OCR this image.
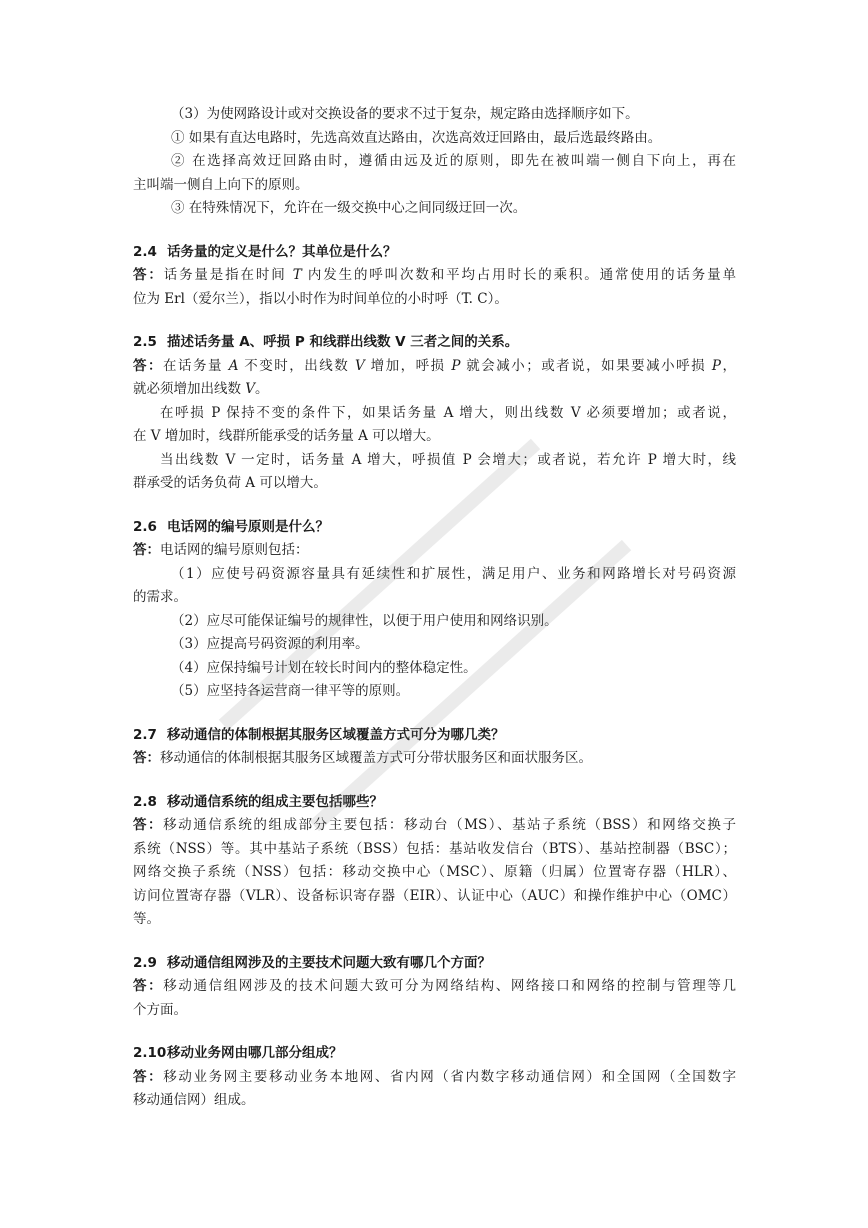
（3）为使网路设计或对交换设备的要求不过于复杂，规定路由选择顺序如下。
① 如果有直达电路时，先选高效直达路由，次选高效迂回路由，最后选最终路由。
② 在选择高效迂回路由时，遵循由远及近的原则，即先在被叫端一侧自下向上，再在
主叫端一侧自上向下的原则。
③ 在特殊情况下，允许在一级交换中心之间同级迂回一次。
2.4 话务量的定义是什么？其单位是什么？
答：话务量是指在时间 T 内发生的呼叫次数和平均占用时长的乘积。通常使用的话务量单
位为 Erl（爱尔兰），指以小时作为时间单位的小时呼（T. C）。
2.5 描述话务量 A、呼损 P 和线群出线数 V 三者之间的关系。
答：在话务量 A 不变时，出线数 V 增加，呼损 P 就会减小；或者说，如果要减小呼损 P，
就必须增加出线数 V。
在呼损 P 保持不变的条件下，如果话务量 A 增大，则出线数 V 必须要增加；或者说，
在 V 增加时，线群所能承受的话务量 A 可以增大。
当出线数 V 一定时，话务量 A 增大，呼损值 P 会增大；或者说，若允许 P 增大时，线
群承受的话务负荷 A 可以增大。
2.6 电话网的编号原则是什么？
答：电话网的编号原则包括：
（1）应使号码资源容量具有延续性和扩展性，满足用户、业务和网路增长对号码资源
的需求。
（2）应尽可能保证编号的规律性，以便于用户使用和网络识别。
（3）应提高号码资源的利用率。
（4）应保持编号计划在较长时间内的整体稳定性。
（5）应坚持各运营商一律平等的原则。
2.7 移动通信的体制根据其服务区域覆盖方式可分为哪几类？
答：移动通信的体制根据其服务区域覆盖方式可分带状服务区和面状服务区。
2.8 移动通信系统的组成主要包括哪些？
答：移动通信系统的组成部分主要包括：移动台（MS）、基站子系统（BSS）和网络交换子
系统（NSS）等。其中基站子系统（BSS）包括：基站收发信台（BTS）、基站控制器（BSC）；
网络交换子系统（NSS）包括：移动交换中心（MSC）、原籍（归属）位置寄存器（HLR）、
访问位置寄存器（VLR）、设备标识寄存器（EIR）、认证中心（AUC）和操作维护中心（OMC）
等。
2.9 移动通信组网涉及的主要技术问题大致有哪几个方面？
答：移动通信组网涉及的技术问题大致可分为网络结构、网络接口和网络的控制与管理等几
个方面。
2.10移动业务网由哪几部分组成？
答：移动业务网主要移动业务本地网、省内网（省内数字移动通信网）和全国网（全国数字
移动通信网）组成。
